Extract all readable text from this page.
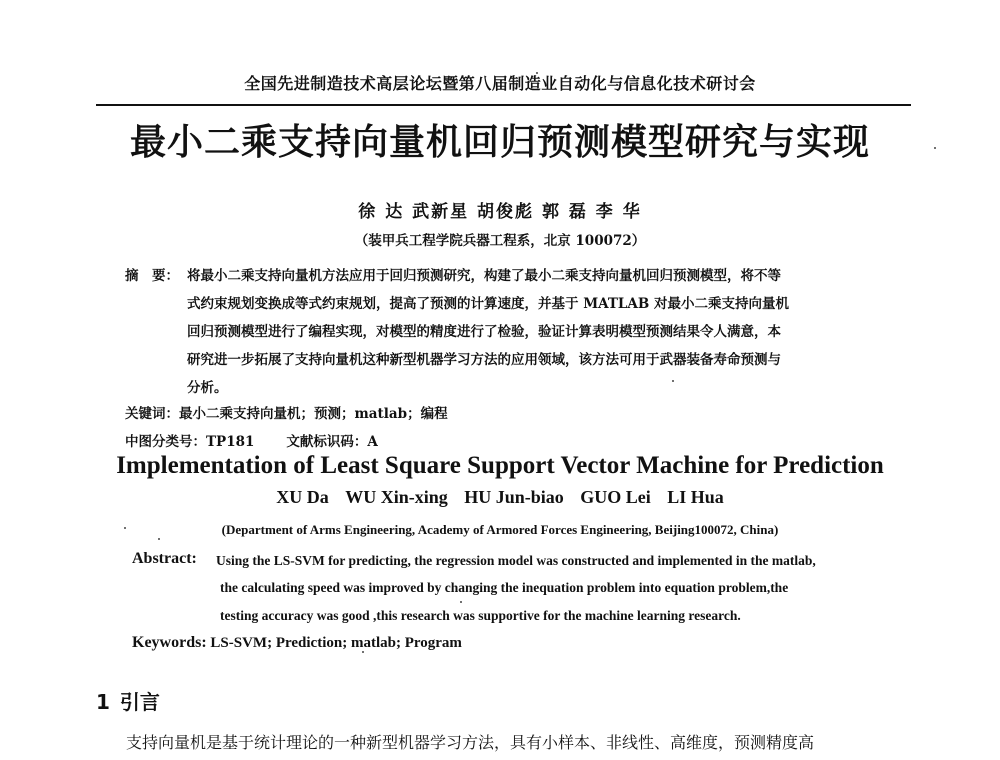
全国先进制造技术高层论坛暨第八届制造业自动化与信息化技术研讨会
最小二乘支持向量机回归预测模型研究与实现
徐 达 武新星 胡俊彪 郭 磊 李 华
（装甲兵工程学院兵器工程系，北京 100072）
摘　要： 将最小二乘支持向量机方法应用于回归预测研究，构建了最小二乘支持向量机回归预测模型，将不等
式约束规划变换成等式约束规划，提高了预测的计算速度，并基于 MATLAB 对最小二乘支持向量机
回归预测模型进行了编程实现，对模型的精度进行了检验，验证计算表明模型预测结果令人满意，本
研究进一步拓展了支持向量机这种新型机器学习方法的应用领域，该方法可用于武器装备寿命预测与
分析。
关键词：最小二乘支持向量机；预测；matlab；编程
中图分类号：TP181 文献标识码：A
Implementation of Least Square Support Vector Machine for Prediction
XU Da WU Xin-xing HU Jun-biao GUO Lei LI Hua
(Department of Arms Engineering, Academy of Armored Forces Engineering, Beijing100072, China)
Abstract: Using the LS-SVM for predicting, the regression model was constructed and implemented in the matlab,
the calculating speed was improved by changing the inequation problem into equation problem,the
testing accuracy was good ,this research was supportive for the machine learning research.
Keywords: LS-SVM; Prediction; matlab; Program
1 引言
支持向量机是基于统计理论的一种新型机器学习方法，具有小样本、非线性、高维度，预测精度高
